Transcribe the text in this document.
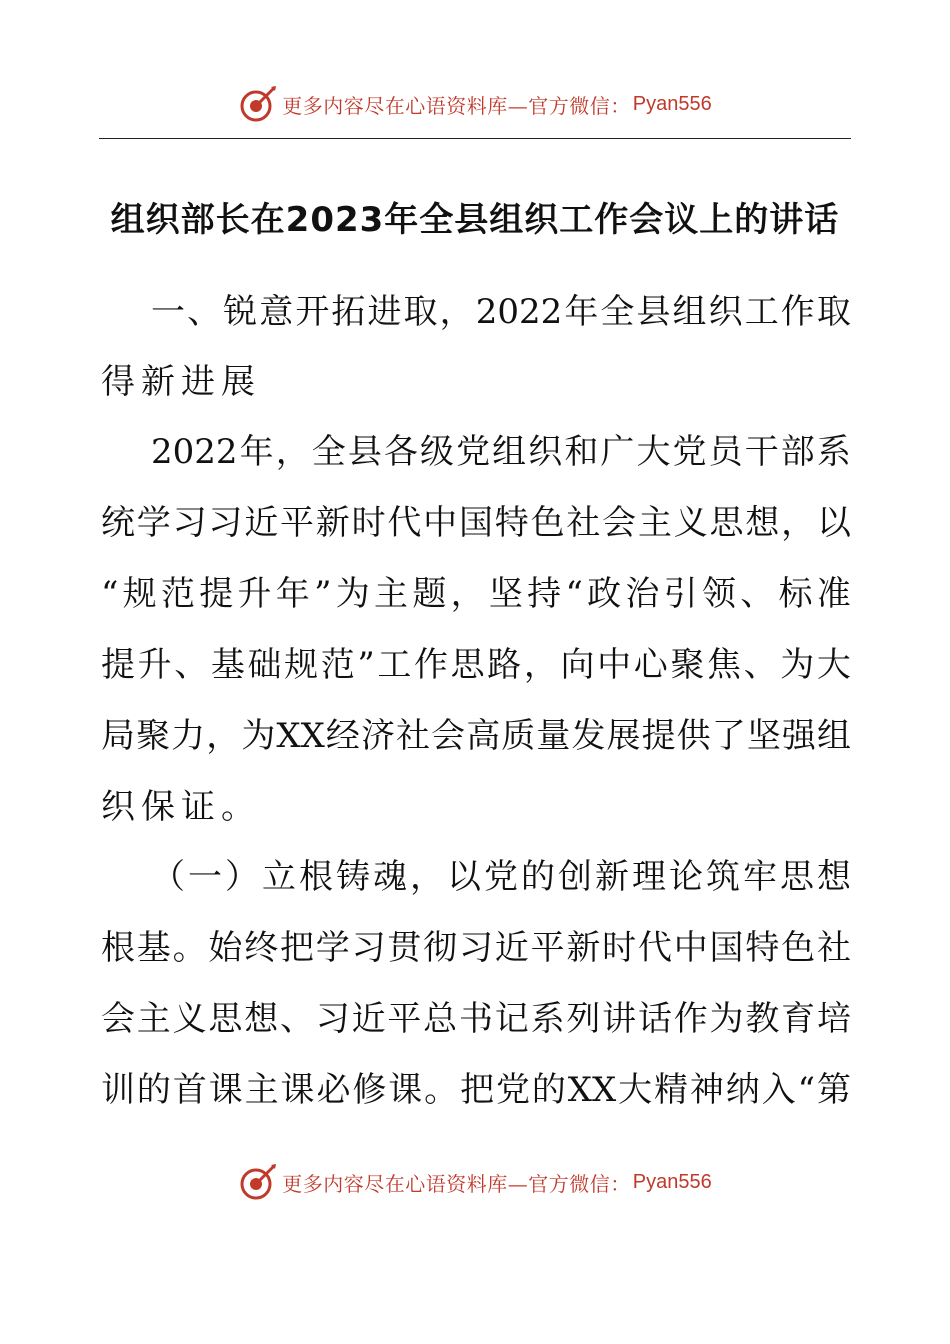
更多内容尽在心语资料库—官方微信： Pyan556
组织部长在2023年全县组织工作会议上的讲话
一 、 锐 意 开 拓 进 取 ， 2022 年 全 县 组 织 工 作 取
得新进展
2022 年 ， 全 县 各 级 党 组 织 和 广 大 党 员 干 部 系
统 学 习 习 近 平 新 时 代 中 国 特 色 社 会 主 义 思 想 ， 以
“ 规 范 提 升 年 ” 为 主 题 ， 坚 持 “ 政 治 引 领 、 标 准
提 升 、 基 础 规 范 ” 工 作 思 路 ， 向 中 心 聚 焦 、 为 大
局 聚 力 ， 为 XX 经 济 社 会 高 质 量 发 展 提 供 了 坚 强 组
织保证。
（ 一 ） 立 根 铸 魂 ， 以 党 的 创 新 理 论 筑 牢 思 想
根 基 。 始 终 把 学 习 贯 彻 习 近 平 新 时 代 中 国 特 色 社
会 主 义 思 想 、 习 近 平 总 书 记 系 列 讲 话 作 为 教 育 培
训 的 首 课 主 课 必 修 课 。 把 党 的 XX 大 精 神 纳 入 “ 第
更多内容尽在心语资料库—官方微信： Pyan556
